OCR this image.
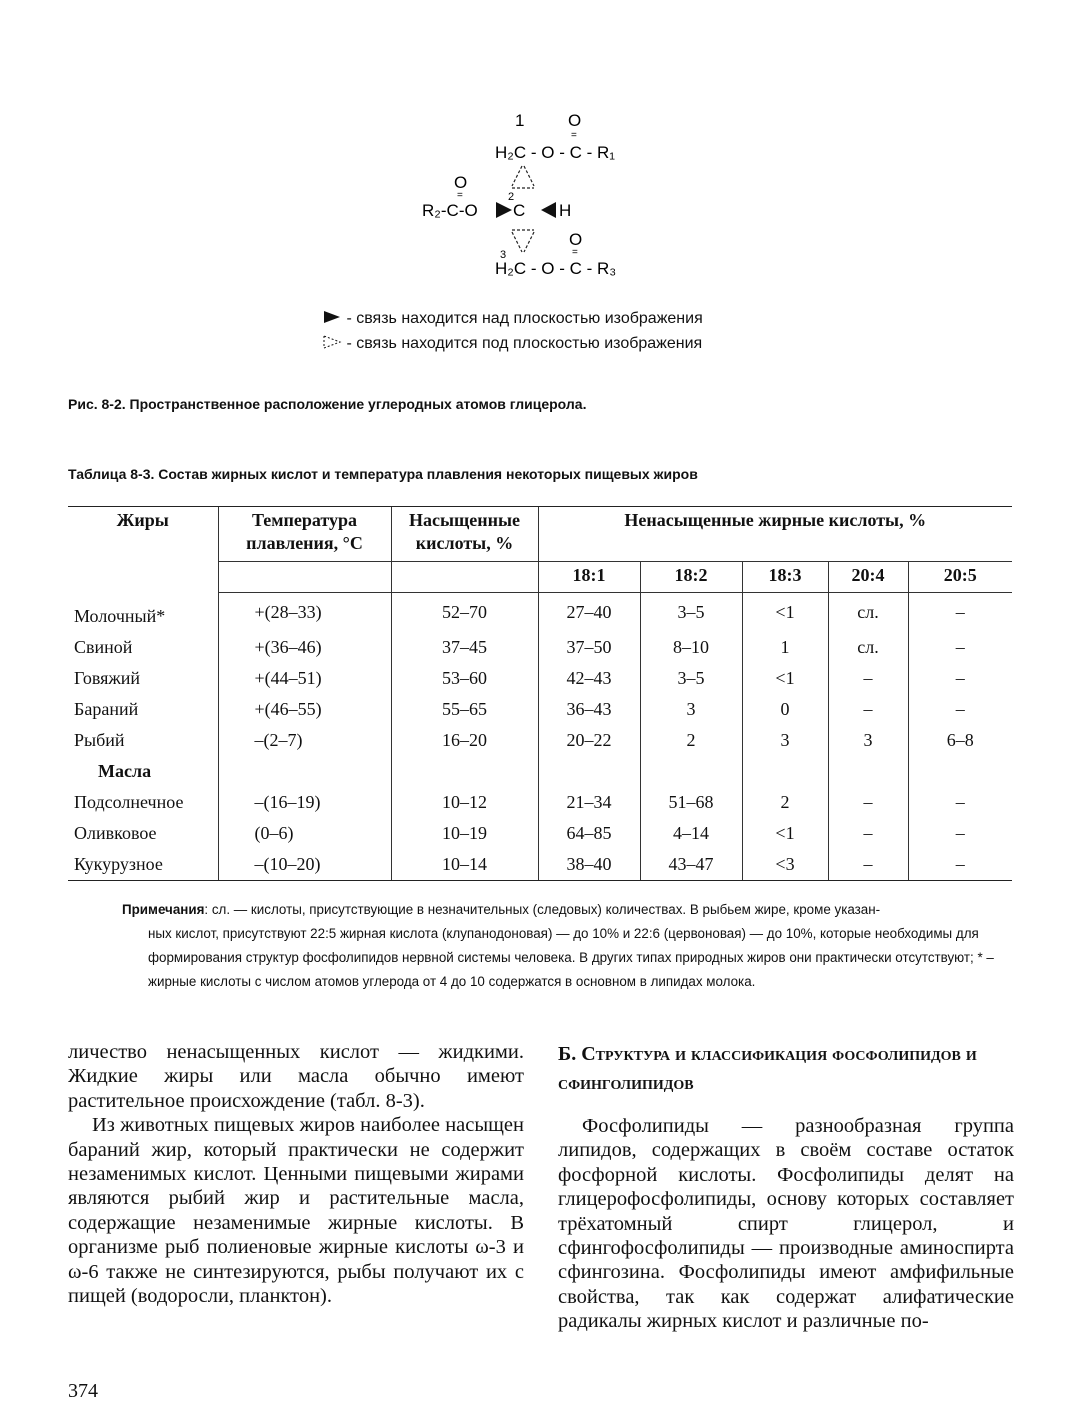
1	O
=
H₂C - O - C - R₁
O
=	2
R₂-C-O C H
O
=
3
H₂C - O - C - R₃
- связь находится над плоскостью изображения
- связь находится под плоскостью изображения
Рис. 8-2. Пространственное расположение углеродных атомов глицерола.
Таблица 8-3. Состав жирных кислот и температура плавления некоторых пищевых жиров
Жиры	Температура плавления, °C	Насыщенные кислоты, %	Ненасыщенные жирные кислоты, %				
			18:1	18:2	18:3	20:4	20:5
Молочный*	+(28–33)	52–70	27–40	3–5	<1	сл.	–
Свиной	+(36–46)	37–45	37–50	8–10	1	сл.	–
Говяжий	+(44–51)	53–60	42–43	3–5	<1	–	–
Бараний	+(46–55)	55–65	36–43	3	0	–	–
Рыбий	–(2–7)	16–20	20–22	2	3	3	6–8
Масла							
Подсолнечное	–(16–19)	10–12	21–34	51–68	2	–	–
Оливковое	(0–6)	10–19	64–85	4–14	<1	–	–
Кукурузное	–(10–20)	10–14	38–40	43–47	<3	–	–
Примечания: сл. — кислоты, присутствующие в незначительных (следовых) количествах. В рыбьем жире, кроме указан-
ных кислот, присутствуют 22:5 жирная кислота (клупанодоновая) — до 10% и 22:6 (цервоновая) — до 10%, которые необходимы для формирования структур фосфолипидов нервной системы человека. В других типах природных жиров они практически отсутствуют; * – жирные кислоты с числом атомов углерода от 4 до 10 содержатся в основном в липидах молока.

личество ненасыщенных кислот — жидкими. Жидкие жиры или масла обычно имеют растительное происхождение (табл. 8-3).

Из животных пищевых жиров наиболее насыщен бараний жир, который практически не содержит незаменимых кислот. Ценными пищевыми жирами являются рыбий жир и растительные масла, содержащие незаменимые жирные кислоты. В организме рыб полиеновые жирные кислоты ω-3 и ω-6 также не синтезируются, рыбы получают их с пищей (водоросли, планктон).

Б. Структура и классификация фосфолипидов и сфинголипидов

Фосфолипиды — разнообразная группа липидов, содержащих в своём составе остаток фосфорной кислоты. Фосфолипиды делят на глицерофосфолипиды, основу которых составляет трёхатомный спирт глицерол, и сфингофосфолипиды — производные аминоспирта сфингозина. Фосфолипиды имеют амфифильные свойства, так как содержат алифатические радикалы жирных кислот и различные по-

374
